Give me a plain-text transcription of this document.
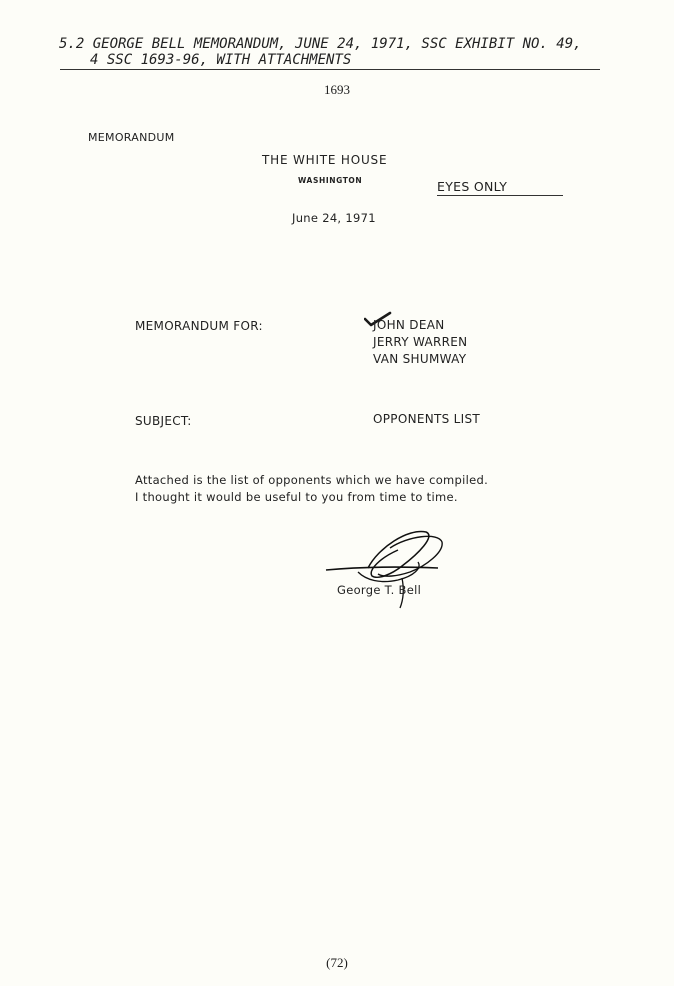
5.2 GEORGE BELL MEMORANDUM, JUNE 24, 1971, SSC EXHIBIT NO. 49,
4 SSC 1693-96, WITH ATTACHMENTS
1693
MEMORANDUM
THE WHITE HOUSE
WASHINGTON	EYES ONLY
June 24, 1971
MEMORANDUM FOR:	JOHN DEAN
JERRY WARREN
VAN SHUMWAY
SUBJECT:	OPPONENTS LIST
Attached is the list of opponents which we have compiled.
I thought it would be useful to you from time to time.
George T. Bell
(72)
